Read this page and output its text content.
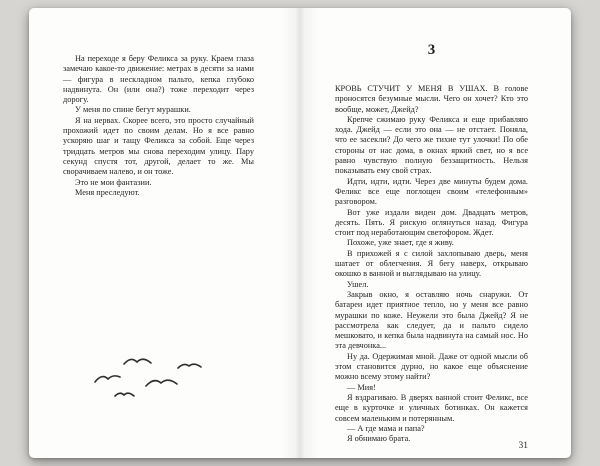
На переходе я беру Феликса за руку. Краем глаза замечаю какое-то движение: метрах в десяти за нами — фигура в нескладном пальто, кепка глубоко надвинута. Он (или она?) тоже переходит через дорогу.

У меня по спине бегут мурашки.

Я на нервах. Скорее всего, это просто случайный прохожий идет по своим делам. Но я все равно ускоряю шаг и тащу Феликса за собой. Еще через тридцать метров мы снова переходим улицу. Пару секунд спустя тот, другой, делает то же. Мы сворачиваем налево, и он тоже.

Это не мои фантазии.

Меня преследуют.

3

КРОВЬ СТУЧИТ У МЕНЯ В УШАХ. В голове проносятся безумные мысли. Чего он хочет? Кто это вообще, может, Джейд?

Крепче сжимаю руку Феликса и еще прибавляю хода. Джейд — если это она — не отстает. Поняла, что ее засекли? До чего же тихие тут улочки! По обе стороны от нас дома, в окнах яркий свет, но я все равно чувствую полную беззащитность. Нельзя показывать ему свой страх.

Идти, идти, идти. Через две минуты будем дома. Феликс все еще поглощен своим «телефонным» разговором.

Вот уже издали виден дом. Двадцать метров, десять. Пять. Я рискую оглянуться назад. Фигура стоит под неработающим светофором. Ждет.

Похоже, уже знает, где я живу.

В прихожей я с силой захлопываю дверь, меня шатает от облегчения. Я бегу наверх, открываю окошко в ванной и выглядываю на улицу.

Ушел.

Закрыв окно, я оставляю ночь снаружи. От батареи идет приятное тепло, но у меня все равно мурашки по коже. Неужели это была Джейд? Я не рассмотрела как следует, да и пальто сидело мешковато, и кепка была надвинута на самый нос. Но эта девчонка...

Ну да. Одержимая мной. Даже от одной мысли об этом становится дурно, но какое еще объяснение можно всему этому найти?

— Мия!

Я вздрагиваю. В дверях ванной стоит Феликс, все еще в курточке и уличных ботинках. Он кажется совсем маленьким и потерянным.

— А где мама и папа?

Я обнимаю брата.

31
